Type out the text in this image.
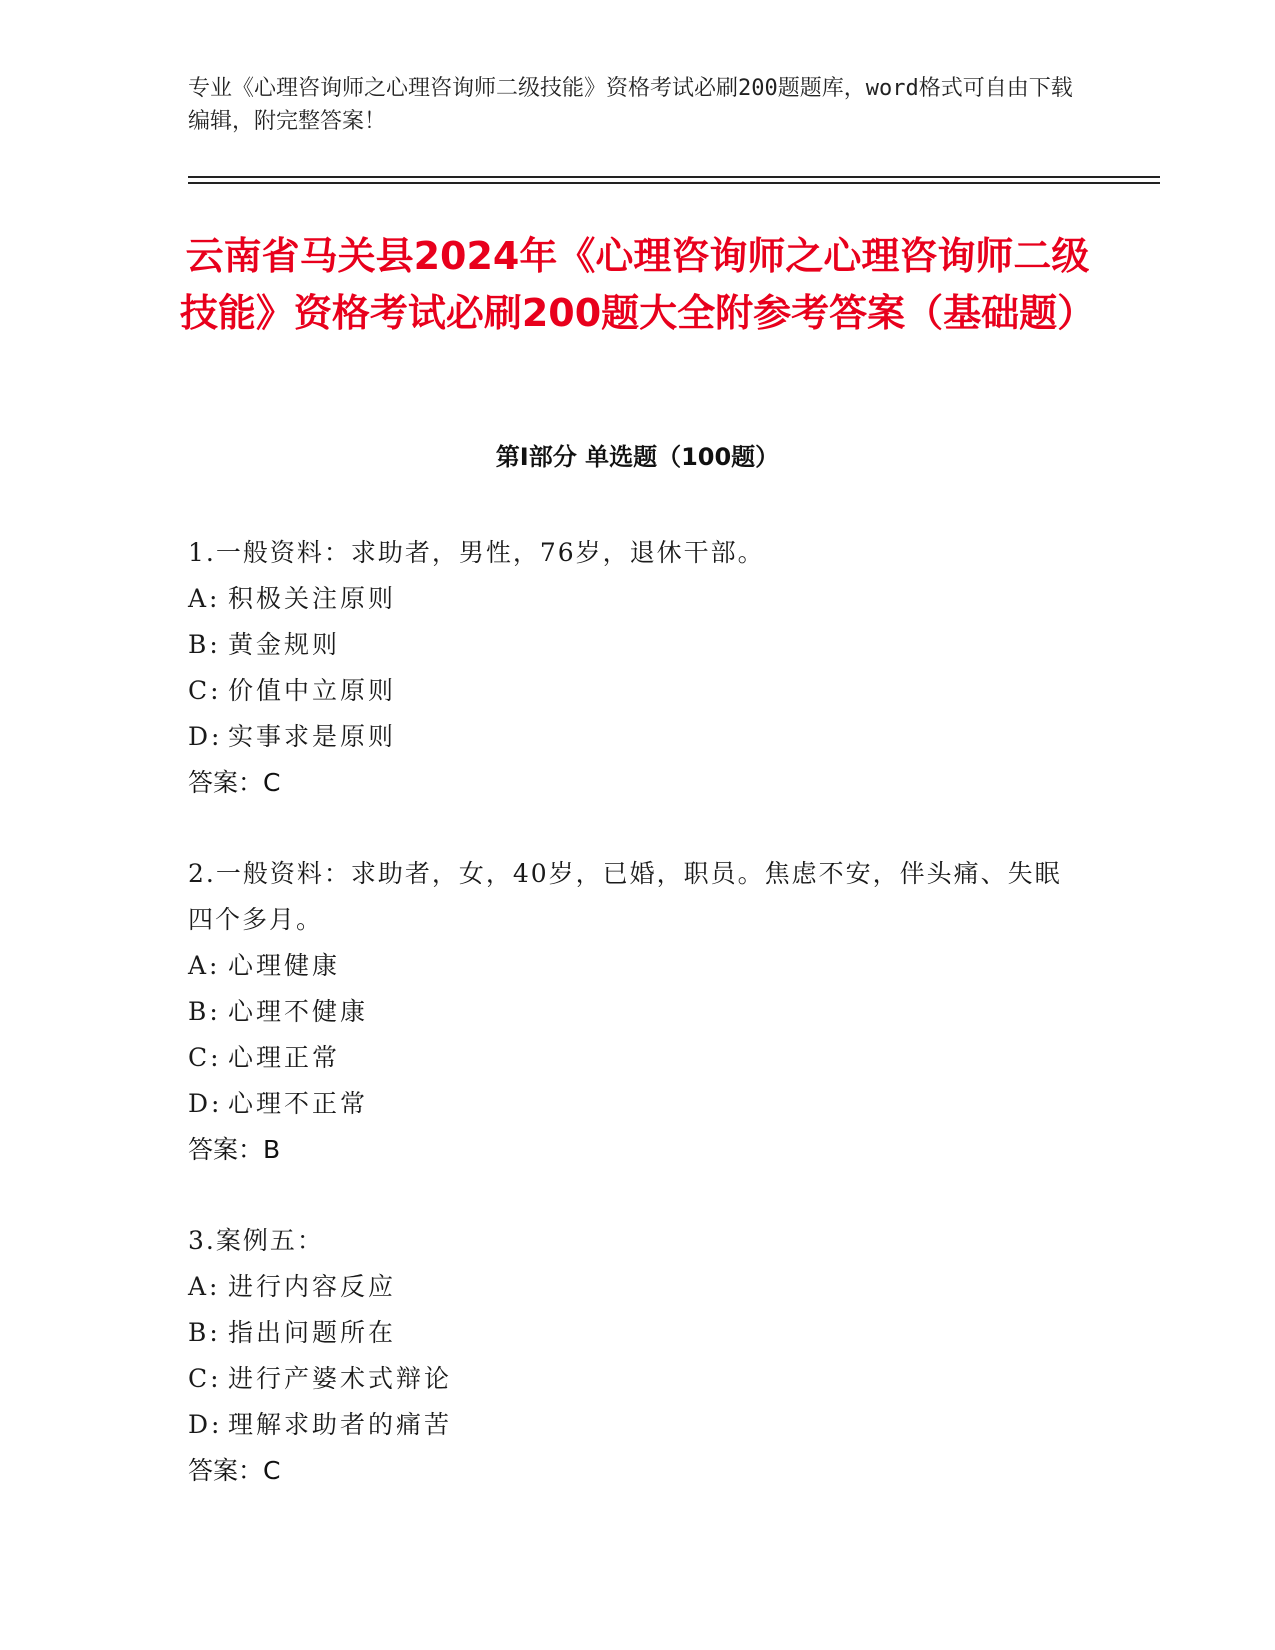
专业《心理咨询师之心理咨询师二级技能》资格考试必刷200题题库，word格式可自由下载编辑，附完整答案！
云南省马关县2024年《心理咨询师之心理咨询师二级技能》资格考试必刷200题大全附参考答案（基础题）
第Ⅰ部分 单选题（100题）
1.一般资料：求助者，男性，76岁，退休干部。
A: 积极关注原则
B: 黄金规则
C: 价值中立原则
D: 实事求是原则
答案：C
2.一般资料：求助者，女，40岁，已婚，职员。焦虑不安，伴头痛、失眠四个多月。
A: 心理健康
B: 心理不健康
C: 心理正常
D: 心理不正常
答案：B
3.案例五：
A: 进行内容反应
B: 指出问题所在
C: 进行产婆术式辩论
D: 理解求助者的痛苦
答案：C
